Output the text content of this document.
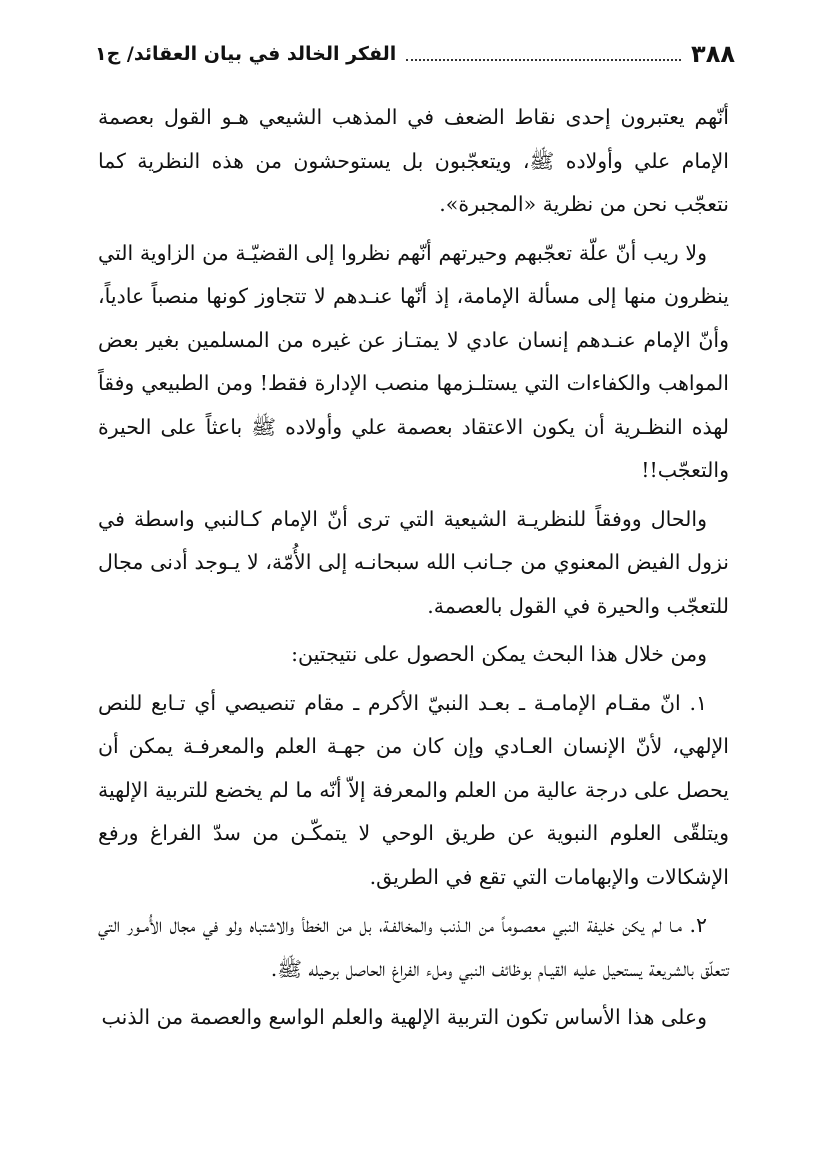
٣٨٨
الفكر الخالد في بيان العقائد/ ج١

أنّهم يعتبرون إحدى نقاط الضعف في المذهب الشيعي هـو القول بعصمة الإمام علي وأولاده ﷺ، ويتعجّبون بل يستوحشون من هذه النظرية كما نتعجّب نحن من نظرية «المجبرة».

ولا ريب أنّ علّة تعجّبهم وحيرتهم أنّهم نظروا إلى القضيّـة من الزاوية التي ينظرون منها إلى مسألة الإمامة، إذ أنّها عنـدهم لا تتجاوز كونها منصباً عادياً، وأنّ الإمام عنـدهم إنسان عادي لا يمتـاز عن غيره من المسلمين بغير بعض المواهب والكفاءات التي يستلـزمها منصب الإدارة فقط! ومن الطبيعي وفقاً لهذه النظـرية أن يكون الاعتقاد بعصمة علي وأولاده ﷺ باعثاً على الحيرة والتعجّب!!

والحال ووفقاً للنظريـة الشيعية التي ترى أنّ الإمام كـالنبي واسطة في نزول الفيض المعنوي من جـانب الله سبحانـه إلى الأُمّة، لا يـوجد أدنى مجال للتعجّب والحيرة في القول بالعصمة.

ومن خلال هذا البحث يمكن الحصول على نتيجتين:

١. انّ مقـام الإمامـة ـ بعـد النبيّ الأكرم ـ مقام تنصيصي أي تـابع للنص الإلهي، لأنّ الإنسان العـادي وإن كان من جهـة العلم والمعرفـة يمكن أن يحصل على درجة عالية من العلم والمعرفة إلاّ أنّه ما لم يخضع للتربية الإلهية ويتلقّى العلوم النبوية عن طريق الوحي لا يتمكّـن من سدّ الفراغ ورفع الإشكالات والإبهامات التي تقع في الطريق.

٢. مـا لم يكن خليفة النبي معصـوماً من الـذنب والمخالفـة، بل من الخطأ والاشتباه ولو في مجال الأُمـور التي تتعلّق بالشريعة يستحيل عليه القيـام بوظائف النبي وملء الفراغ الحاصل برحيله ﷺ.

وعلى هذا الأساس تكون التربية الإلهية والعلم الواسع والعصمة من الذنب
